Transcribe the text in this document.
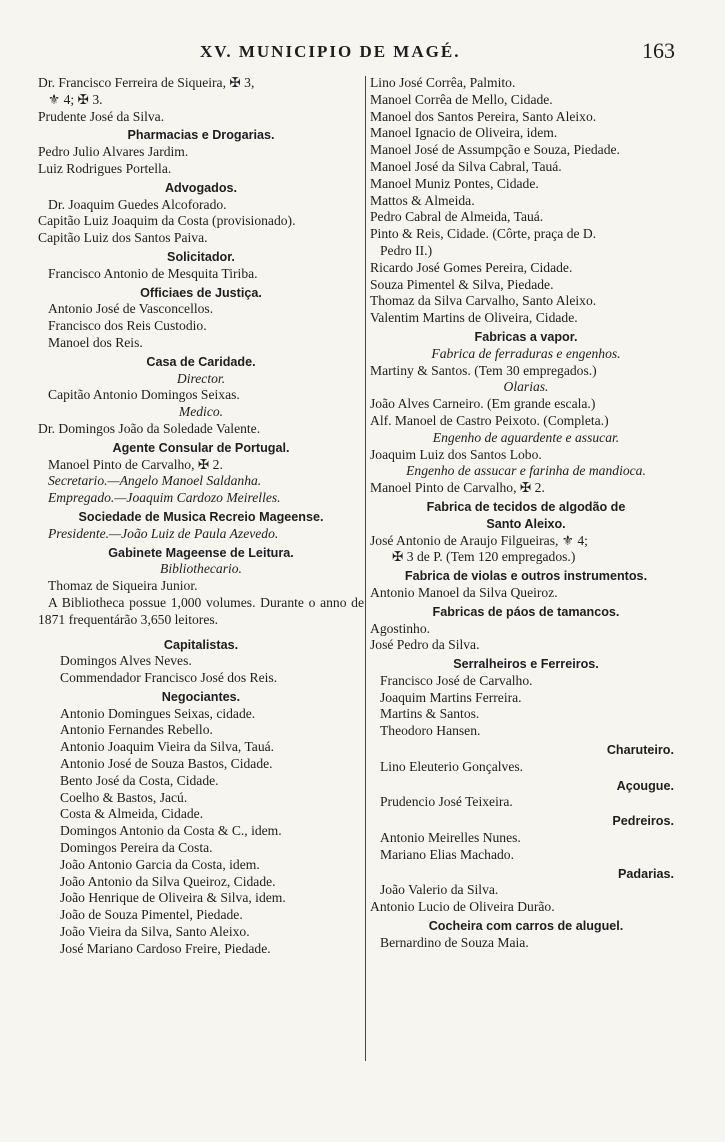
XV. MUNICIPIO DE MAGÉ.	163
Dr. Francisco Ferreira de Siqueira, ✠ 3,
⚜ 4; ✠ 3.
Prudente José da Silva.
Pharmacias e Drogarias.
Pedro Julio Alvares Jardim.
Luiz Rodrigues Portella.
Advogados.
Dr. Joaquim Guedes Alcoforado.
Capitão Luiz Joaquim da Costa (provisionado).
Capitão Luiz dos Santos Paiva.
Solicitador.
Francisco Antonio de Mesquita Tiriba.
Officiaes de Justiça.
Antonio José de Vasconcellos.
Francisco dos Reis Custodio.
Manoel dos Reis.
Casa de Caridade.
Director.
Capitão Antonio Domingos Seixas.
Medico.
Dr. Domingos João da Soledade Valente.
Agente Consular de Portugal.
Manoel Pinto de Carvalho, ✠ 2.
Secretario.—Angelo Manoel Saldanha.
Empregado.—Joaquim Cardozo Meirelles.
Sociedade de Musica Recreio Mageense.
Presidente.—João Luiz de Paula Azevedo.
Gabinete Mageense de Leitura.
Bibliothecario.
Thomaz de Siqueira Junior.
A Bibliotheca possue 1,000 volumes. Durante o anno de 1871 frequentárão 3,650 leitores.
Capitalistas.
Domingos Alves Neves.
Commendador Francisco José dos Reis.
Negociantes.
Antonio Domingues Seixas, cidade.
Antonio Fernandes Rebello.
Antonio Joaquim Vieira da Silva, Tauá.
Antonio José de Souza Bastos, Cidade.
Bento José da Costa, Cidade.
Coelho & Bastos, Jacú.
Costa & Almeida, Cidade.
Domingos Antonio da Costa & C., idem.
Domingos Pereira da Costa.
João Antonio Garcia da Costa, idem.
João Antonio da Silva Queiroz, Cidade.
João Henrique de Oliveira & Silva, idem.
João de Souza Pimentel, Piedade.
João Vieira da Silva, Santo Aleixo.
José Mariano Cardoso Freire, Piedade.
Lino José Corrêa, Palmito.
Manoel Corrêa de Mello, Cidade.
Manoel dos Santos Pereira, Santo Aleixo.
Manoel Ignacio de Oliveira, idem.
Manoel José de Assumpção e Souza, Piedade.
Manoel José da Silva Cabral, Tauá.
Manoel Muniz Pontes, Cidade.
Mattos & Almeida.
Pedro Cabral de Almeida, Tauá.
Pinto & Reis, Cidade. (Côrte, praça de D.
Pedro II.)
Ricardo José Gomes Pereira, Cidade.
Souza Pimentel & Silva, Piedade.
Thomaz da Silva Carvalho, Santo Aleixo.
Valentim Martins de Oliveira, Cidade.
Fabricas a vapor.
Fabrica de ferraduras e engenhos.
Martiny & Santos. (Tem 30 empregados.)
Olarias.
João Alves Carneiro. (Em grande escala.)
Alf. Manoel de Castro Peixoto. (Completa.)
Engenho de aguardente e assucar.
Joaquim Luiz dos Santos Lobo.
Engenho de assucar e farinha de mandioca.
Manoel Pinto de Carvalho, ✠ 2.
Fabrica de tecidos de algodão de
Santo Aleixo.
José Antonio de Araujo Filgueiras, ⚜ 4;
✠ 3 de P. (Tem 120 empregados.)
Fabrica de violas e outros instrumentos.
Antonio Manoel da Silva Queiroz.
Fabricas de páos de tamancos.
Agostinho.
José Pedro da Silva.
Serralheiros e Ferreiros.
Francisco José de Carvalho.
Joaquim Martins Ferreira.
Martins & Santos.
Theodoro Hansen.
Charuteiro.
Lino Eleuterio Gonçalves.
Açougue.
Prudencio José Teixeira.
Pedreiros.
Antonio Meirelles Nunes.
Mariano Elias Machado.
Padarias.
João Valerio da Silva.
Antonio Lucio de Oliveira Durão.
Cocheira com carros de aluguel.
Bernardino de Souza Maia.
